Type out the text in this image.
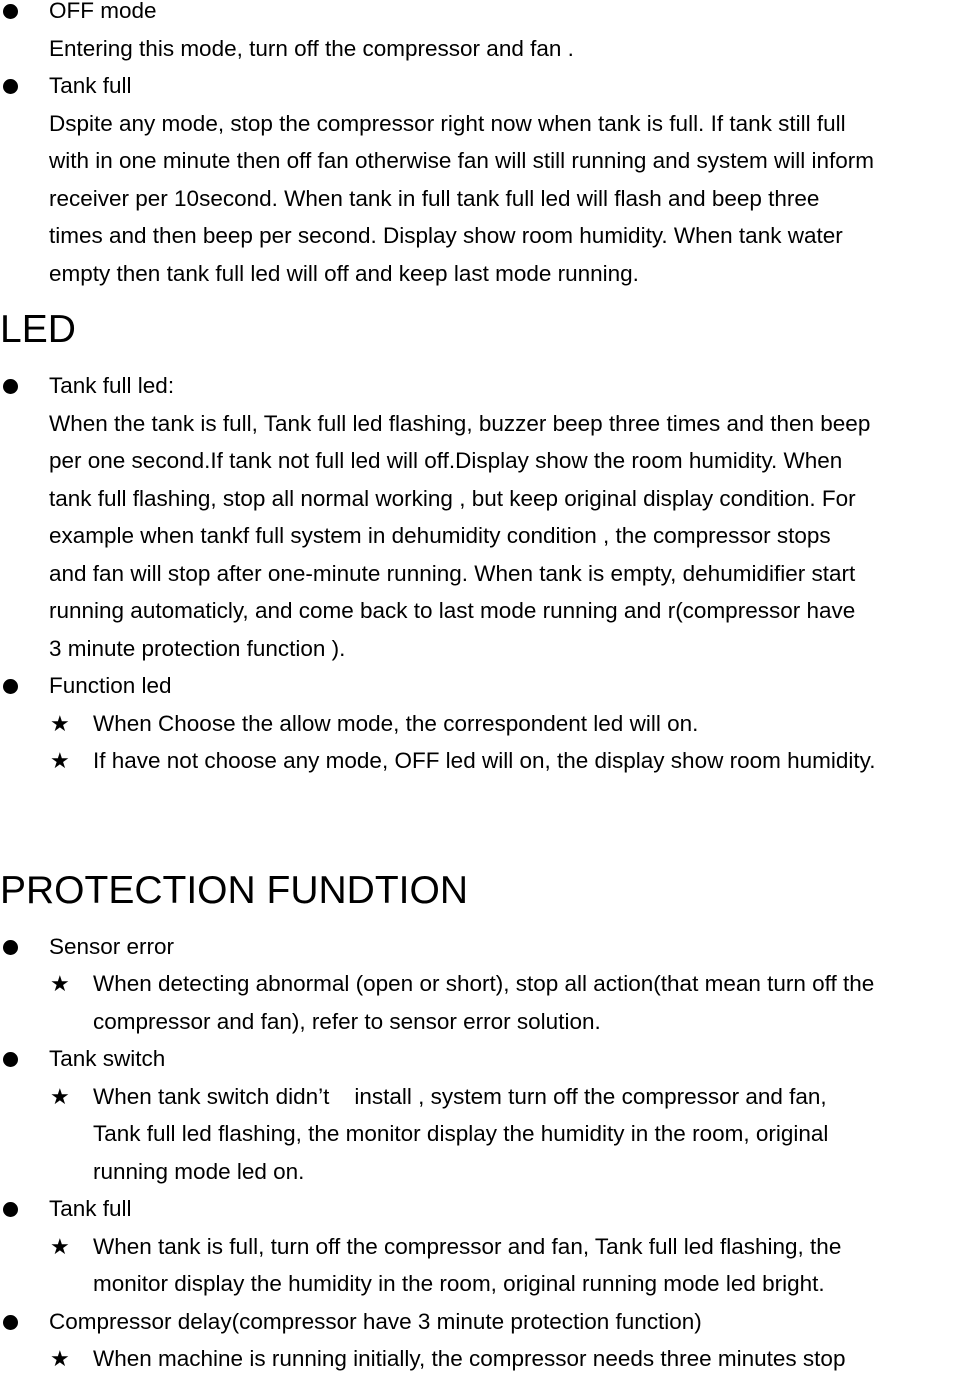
OFF mode
Entering this mode, turn off the compressor and fan .
Tank full
Dspite any mode, stop the compressor right now when tank is full. If tank still full
with in one minute then off fan otherwise fan will still running and system will inform
receiver per 10second. When tank in full tank full led will flash and beep three
times and then beep per second. Display show room humidity. When tank water
empty then tank full led will off and keep last mode running.
LED
Tank full led:
When the tank is full, Tank full led flashing, buzzer beep three times and then beep
per one second.If tank not full led will off.Display show the room humidity. When
tank full flashing, stop all normal working , but keep original display condition. For
example when tankf full system in dehumidity condition , the compressor stops
and fan will stop after one-minute running. When tank is empty, dehumidifier start
running automaticly, and come back to last mode running and r(compressor have
3 minute protection function ).
Function led
★ When Choose the allow mode, the correspondent led will on.
★ If have not choose any mode, OFF led will on, the display show room humidity.
PROTECTION FUNDTION
Sensor error
★ When detecting abnormal (open or short), stop all action(that mean turn off the
compressor and fan), refer to sensor error solution.
Tank switch
★ When tank switch didn’t    install , system turn off the compressor and fan,
Tank full led flashing, the monitor display the humidity in the room, original
running mode led on.
Tank full
★ When tank is full, turn off the compressor and fan, Tank full led flashing, the
monitor display the humidity in the room, original running mode led bright.
Compressor delay(compressor have 3 minute protection function)
★ When machine is running initially, the compressor needs three minutes stop
